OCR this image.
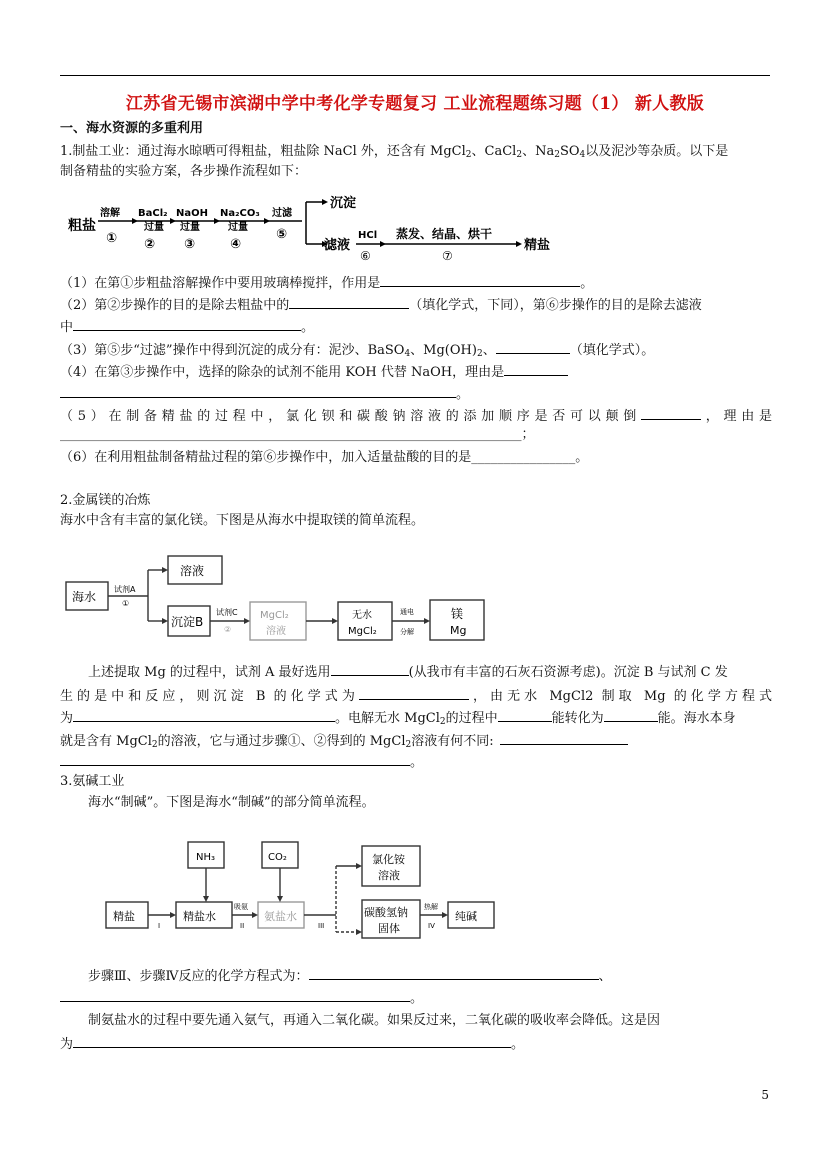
江苏省无锡市滨湖中学中考化学专题复习 工业流程题练习题（1） 新人教版
一、海水资源的多重利用
1.制盐工业：通过海水晾晒可得粗盐，粗盐除 NaCl 外，还含有 MgCl$_2$、CaCl$_2$、$Na_2SO_4$以及泥沙等杂质。以下是
制备精盐的实验方案，各步操作流程如下：
粗盐
溶解
①
BaCl₂
过量
②
NaOH
过量
③
Na₂CO₃
过量
④
过滤
⑤
沉淀
滤液
HCl
⑥
蒸发、结晶、烘干
⑦
精盐
（1）在第①步粗盐溶解操作中要用玻璃棒搅拌，作用是	。
（2）第②步操作的目的是除去粗盐中的	（填化学式，下同），第⑥步操作的目的是除去滤液
中	。
（3）第⑤步“过滤”操作中得到沉淀的成分有：泥沙、BaSO$_4$、$Mg(OH)_2$、	（填化学式）。
（4）在第③步操作中，选择的除杂的试剂不能用 KOH 代替 NaOH，理由是
。
（5）在制备精盐的过程中，氯化钡和碳酸钠溶液的添加顺序是否可以颠倒	，理由是
_______________________________________________________________________；
（6）在利用粗盐制备精盐过程的第⑥步操作中，加入适量盐酸的目的是________________。
2.金属镁的冶炼
海水中含有丰富的氯化镁。下图是从海水中提取镁的简单流程。
海水
试剂A
①
溶液
沉淀B
试剂C
②
MgCl₂
溶液
无水
MgCl₂
通电
分解
镁
Mg
上述提取 Mg 的过程中，试剂 A 最好选用	(从我市有丰富的石灰石资源考虑)。沉淀 B 与试剂 C 发
生的是中和反应，则沉淀 B 的化学式为	，由无水 MgCl2 制取 Mg 的化学方程式
为	。电解无水 MgCl$_2$的过程中	能转化为	能。海水本身
就是含有 MgCl$_2$的溶液，它与通过步骤①、②得到的 MgCl$_2$溶液有何不同:
。
3.氨碱工业
海水“制碱”。下图是海水“制碱”的部分简单流程。
NH₃	CO₂	氯化铵
溶液
精盐	精盐水	氨盐水	碳酸氢钠
固体
纯碱
I
吸氨
II	III
热解
IV
步骤Ⅲ、步骤Ⅳ反应的化学方程式为：	、
。
制氨盐水的过程中要先通入氨气，再通入二氧化碳。如果反过来，二氧化碳的吸收率会降低。这是因
为	。
5
